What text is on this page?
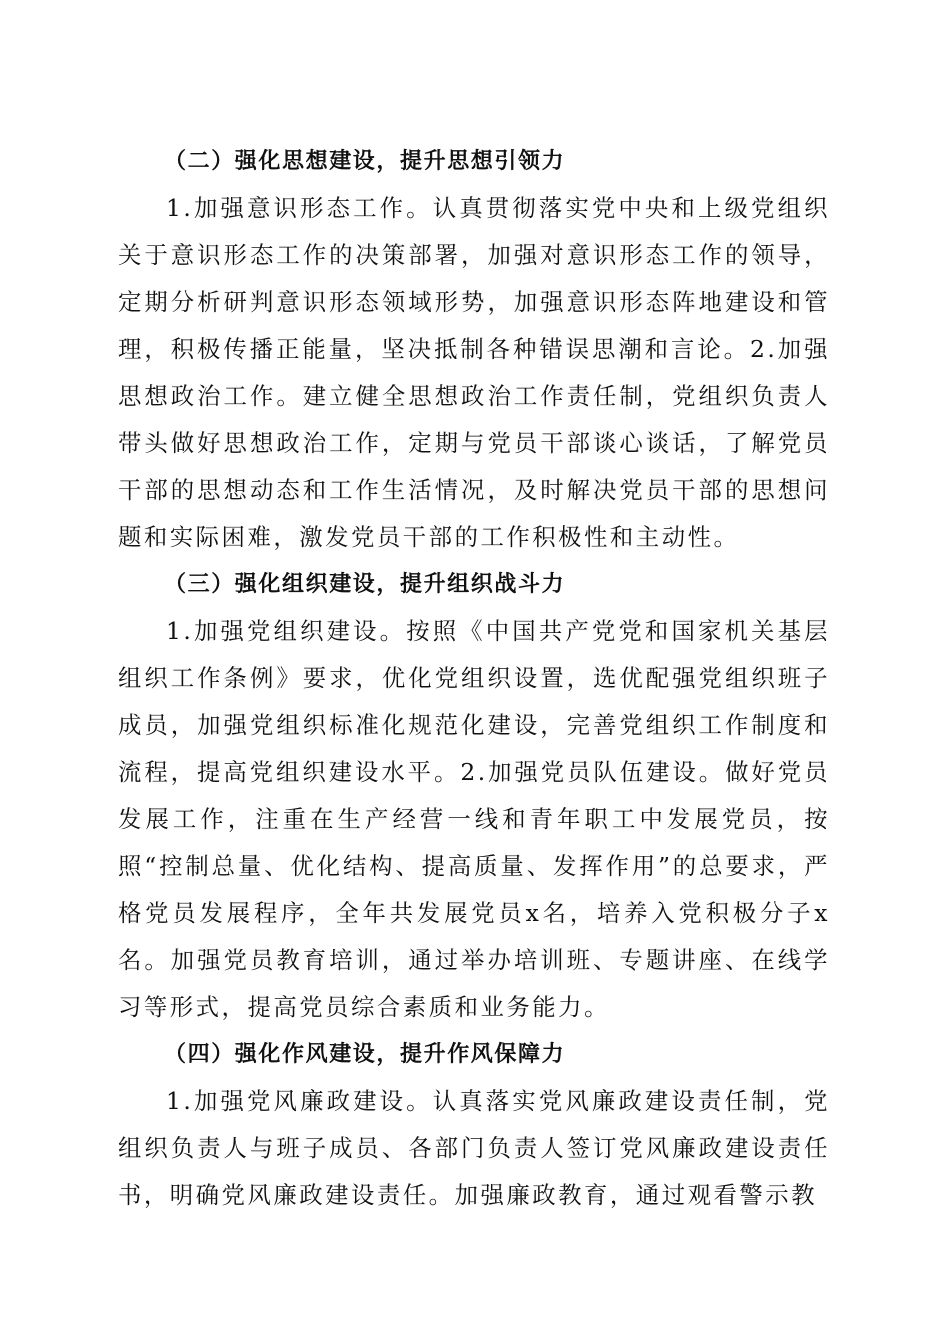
（二）强化思想建设，提升思想引领力

1.加强意识形态工作。认真贯彻落实党中央和上级党组织关于意识形态工作的决策部署，加强对意识形态工作的领导，定期分析研判意识形态领域形势，加强意识形态阵地建设和管理，积极传播正能量，坚决抵制各种错误思潮和言论。2.加强思想政治工作。建立健全思想政治工作责任制，党组织负责人带头做好思想政治工作，定期与党员干部谈心谈话，了解党员干部的思想动态和工作生活情况，及时解决党员干部的思想问题和实际困难，激发党员干部的工作积极性和主动性。

（三）强化组织建设，提升组织战斗力

1.加强党组织建设。按照《中国共产党党和国家机关基层组织工作条例》要求，优化党组织设置，选优配强党组织班子成员，加强党组织标准化规范化建设，完善党组织工作制度和流程，提高党组织建设水平。2.加强党员队伍建设。做好党员发展工作，注重在生产经营一线和青年职工中发展党员，按照“控制总量、优化结构、提高质量、发挥作用”的总要求，严格党员发展程序，全年共发展党员x名，培养入党积极分子x名。加强党员教育培训，通过举办培训班、专题讲座、在线学习等形式，提高党员综合素质和业务能力。

（四）强化作风建设，提升作风保障力

1.加强党风廉政建设。认真落实党风廉政建设责任制，党组织负责人与班子成员、各部门负责人签订党风廉政建设责任书，明确党风廉政建设责任。加强廉政教育，通过观看警示教
